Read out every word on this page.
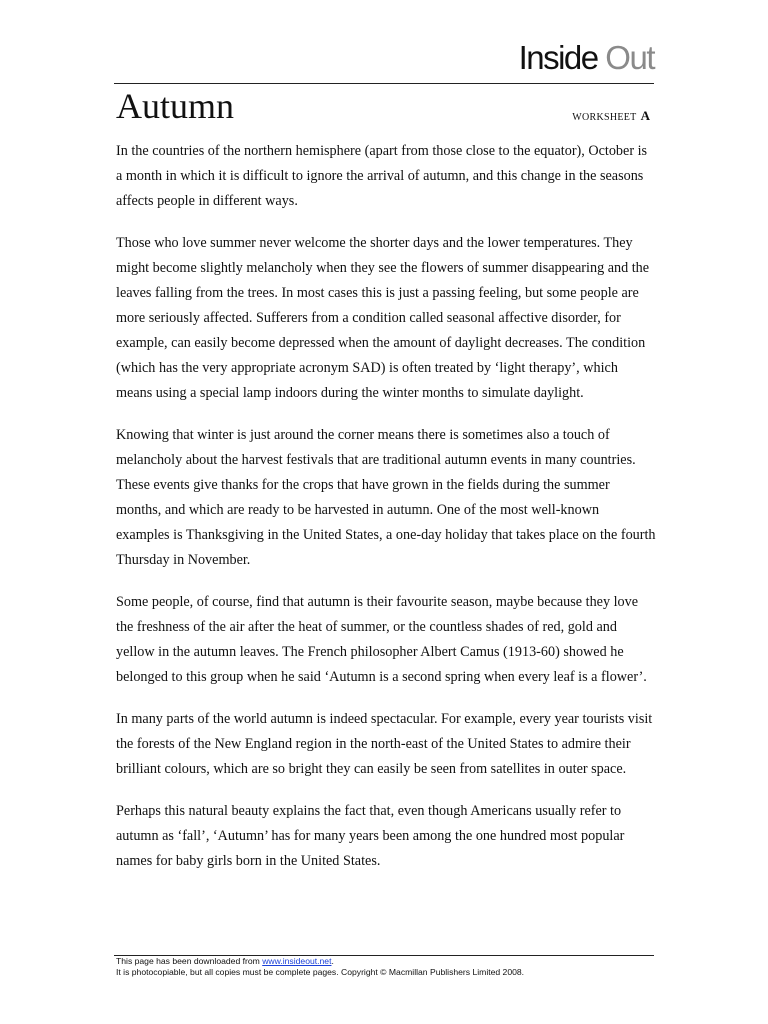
Inside Out
Autumn	WORKSHEET A

In the countries of the northern hemisphere (apart from those close to the equator), October is a month in which it is difficult to ignore the arrival of autumn, and this change in the seasons affects people in different ways.

Those who love summer never welcome the shorter days and the lower temperatures. They might become slightly melancholy when they see the flowers of summer disappearing and the leaves falling from the trees. In most cases this is just a passing feeling, but some people are more seriously affected. Sufferers from a condition called seasonal affective disorder, for example, can easily become depressed when the amount of daylight decreases. The condition (which has the very appropriate acronym SAD) is often treated by ‘light therapy’, which means using a special lamp indoors during the winter months to simulate daylight.

Knowing that winter is just around the corner means there is sometimes also a touch of melancholy about the harvest festivals that are traditional autumn events in many countries. These events give thanks for the crops that have grown in the fields during the summer months, and which are ready to be harvested in autumn. One of the most well-known examples is Thanksgiving in the United States, a one-day holiday that takes place on the fourth Thursday in November.

Some people, of course, find that autumn is their favourite season, maybe because they love the freshness of the air after the heat of summer, or the countless shades of red, gold and yellow in the autumn leaves. The French philosopher Albert Camus (1913-60) showed he belonged to this group when he said ‘Autumn is a second spring when every leaf is a flower’.

In many parts of the world autumn is indeed spectacular. For example, every year tourists visit the forests of the New England region in the north-east of the United States to admire their brilliant colours, which are so bright they can easily be seen from satellites in outer space.

Perhaps this natural beauty explains the fact that, even though Americans usually refer to autumn as ‘fall’, ‘Autumn’ has for many years been among the one hundred most popular names for baby girls born in the United States.

This page has been downloaded from www.insideout.net.
It is photocopiable, but all copies must be complete pages. Copyright © Macmillan Publishers Limited 2008.
